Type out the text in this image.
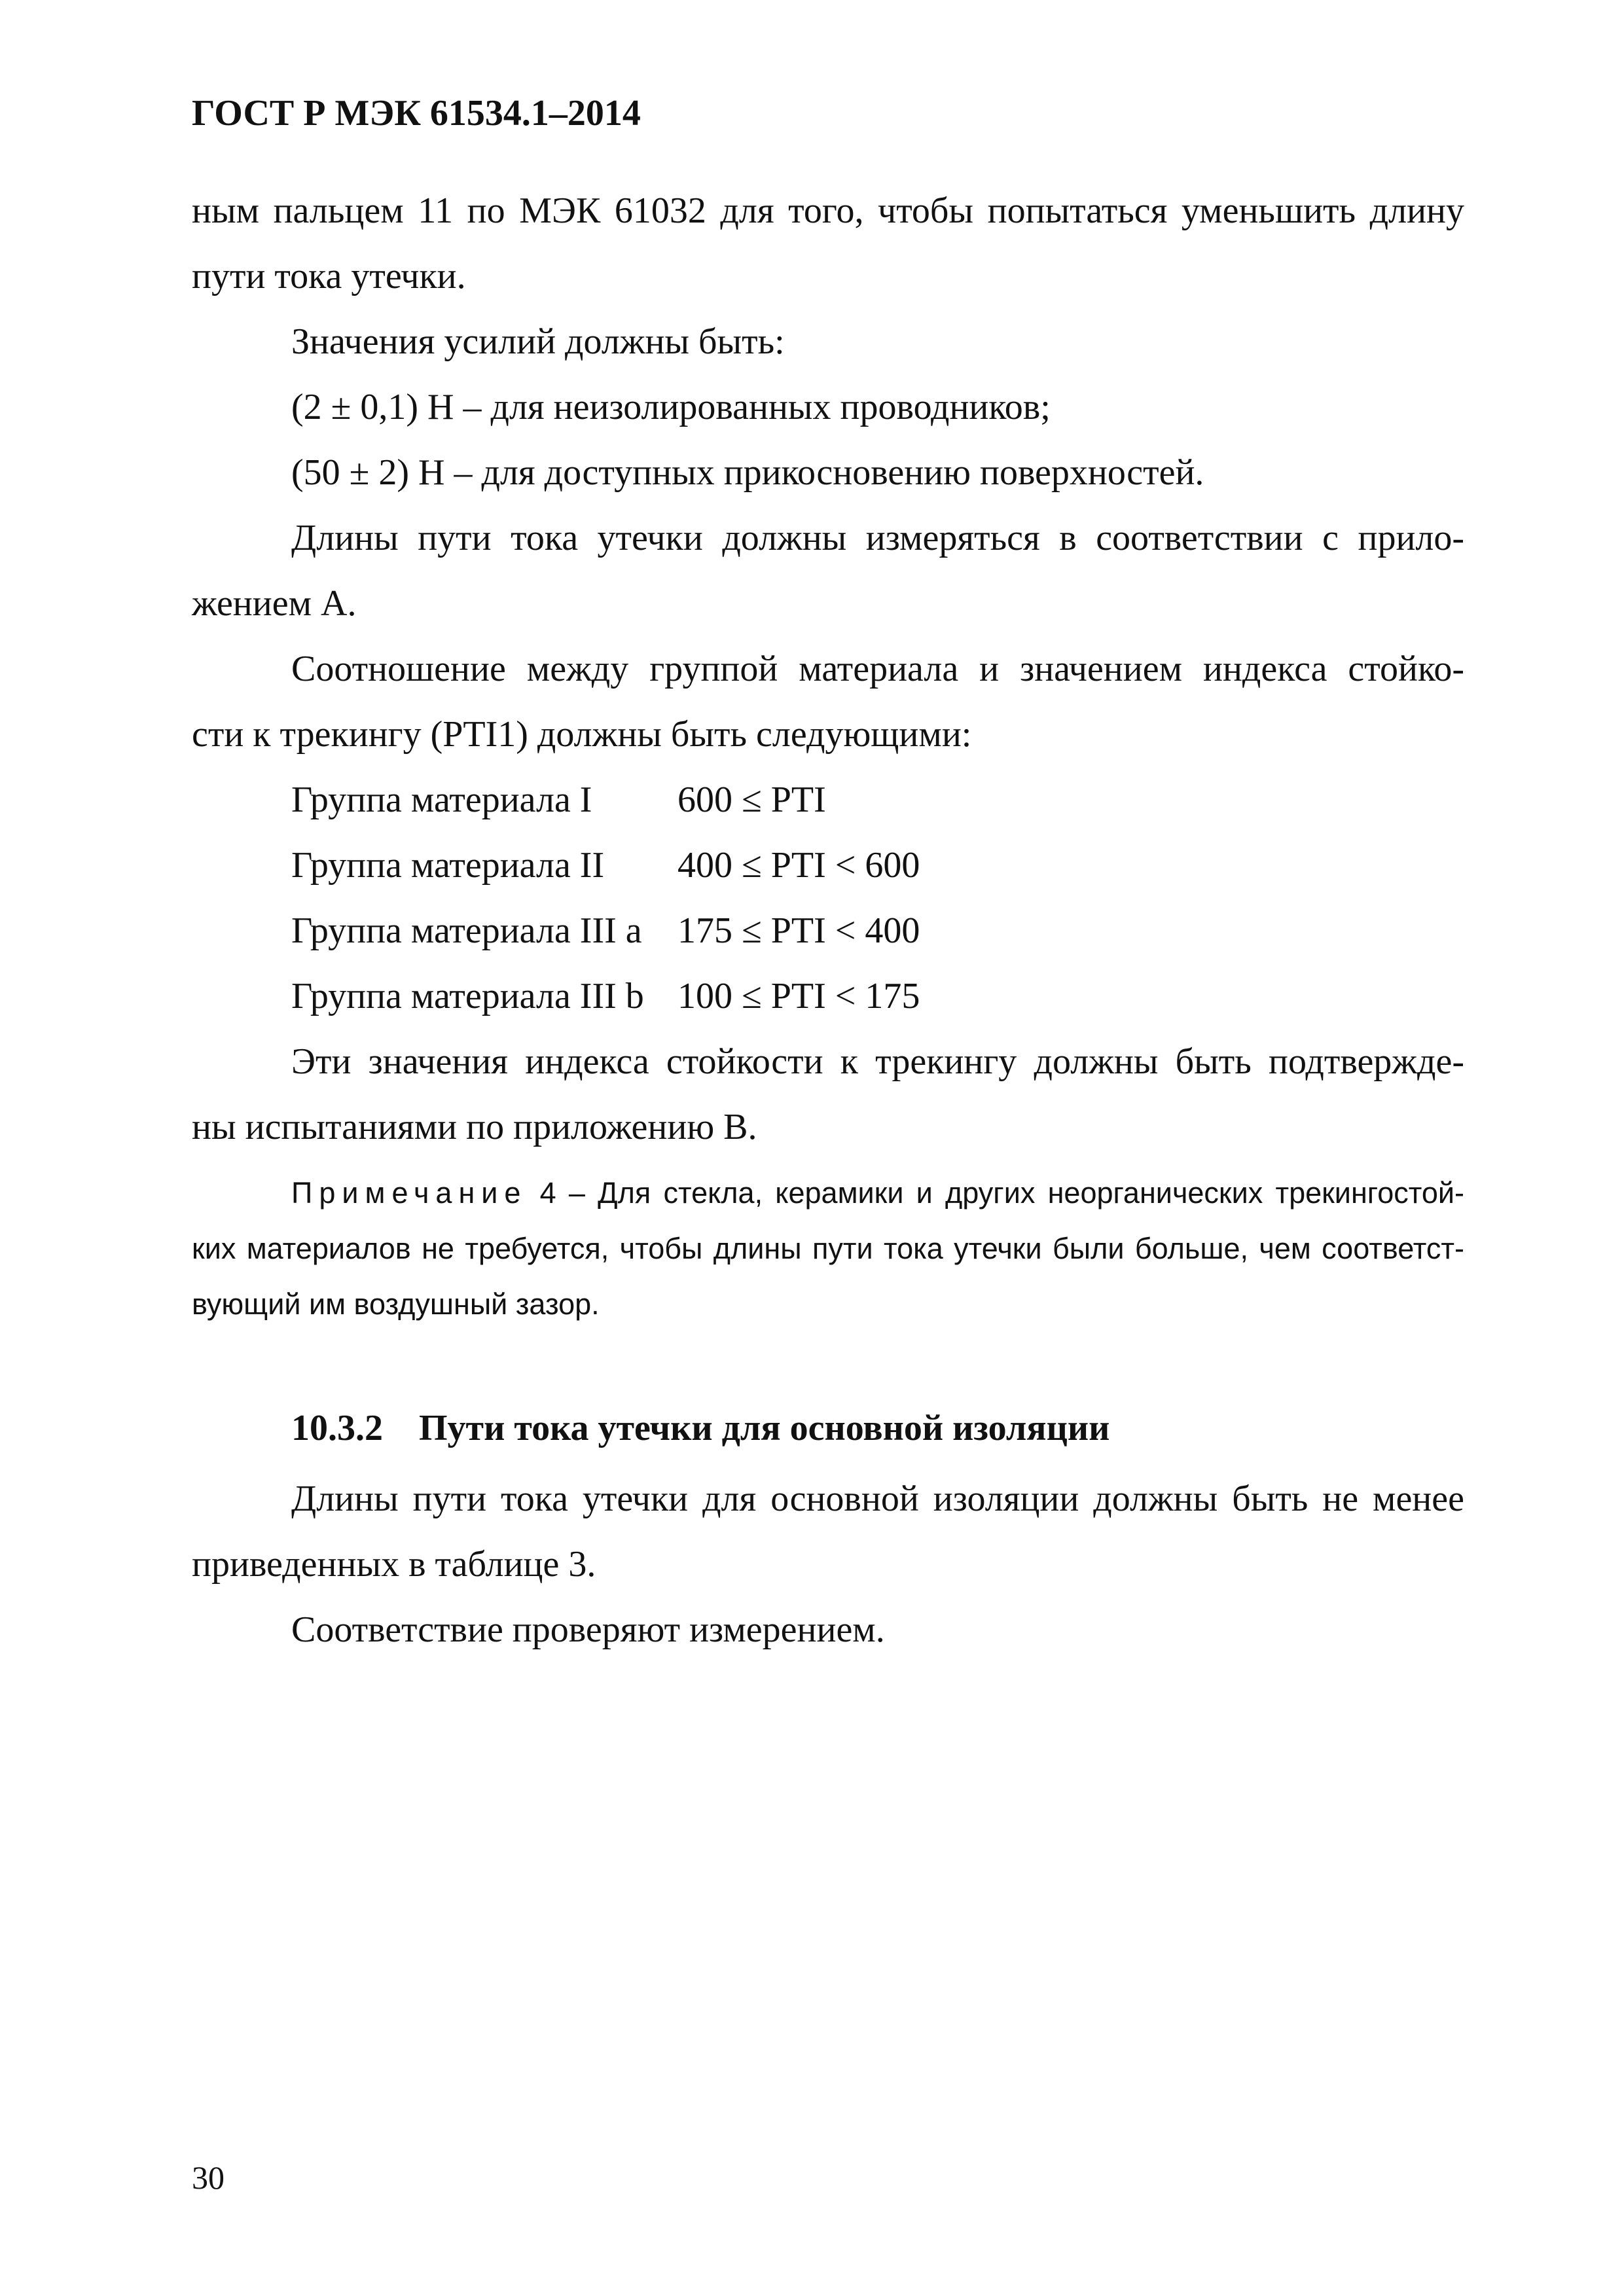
ГОСТ Р МЭК 61534.1–2014
ным пальцем 11 по МЭК 61032 для того, чтобы попытаться уменьшить длину
пути тока утечки.
Значения усилий должны быть:
(2 ± 0,1) Н – для неизолированных проводников;
(50 ± 2) Н – для доступных прикосновению поверхностей.
Длины пути тока утечки должны измеряться в соответствии с прило-
жением А.
Соотношение между группой материала и значением индекса стойко-
сти к трекингу (PTI1) должны быть следующими:
Группа материала I	600 ≤ PTI
Группа материала II	400 ≤ PTI < 600
Группа материала III a 175 ≤ PTI < 400
Группа материала III b 100 ≤ PTI < 175
Эти значения индекса стойкости к трекингу должны быть подтвержде-
ны испытаниями по приложению В.
Примечание 4 – Для стекла, керамики и других неорганических трекингостой-
ких материалов не требуется, чтобы длины пути тока утечки были больше, чем соответст-
вующий им воздушный зазор.
10.3.2 Пути тока утечки для основной изоляции
Длины пути тока утечки для основной изоляции должны быть не менее
приведенных в таблице 3.
Соответствие проверяют измерением.
30
